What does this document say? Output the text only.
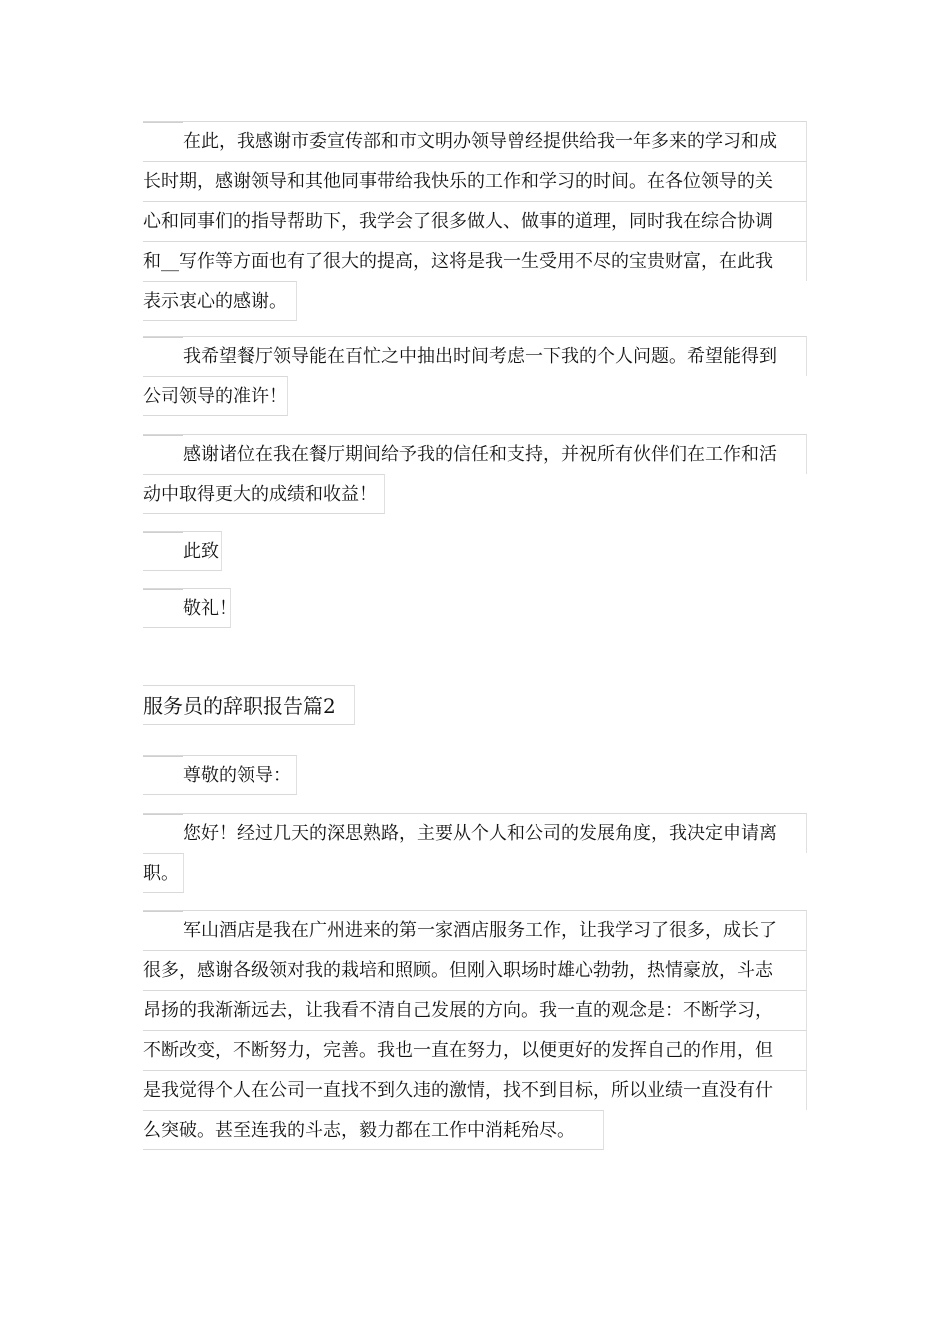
在此，我感谢市委宣传部和市文明办领导曾经提供给我一年多来的学习和成
长时期，感谢领导和其他同事带给我快乐的工作和学习的时间。在各位领导的关
心和同事们的指导帮助下，我学会了很多做人、做事的道理，同时我在综合协调
和__写作等方面也有了很大的提高，这将是我一生受用不尽的宝贵财富，在此我
表示衷心的感谢。
我希望餐厅领导能在百忙之中抽出时间考虑一下我的个人问题。希望能得到
公司领导的准许！
感谢诸位在我在餐厅期间给予我的信任和支持，并祝所有伙伴们在工作和活
动中取得更大的成绩和收益！
此致
敬礼！
服务员的辞职报告篇2
尊敬的领导：
您好！经过几天的深思熟路，主要从个人和公司的发展角度，我决定申请离
职。
军山酒店是我在广州进来的第一家酒店服务工作，让我学习了很多，成长了
很多，感谢各级领对我的栽培和照顾。但刚入职场时雄心勃勃，热情豪放，斗志
昂扬的我渐渐远去，让我看不清自己发展的方向。我一直的观念是：不断学习，
不断改变，不断努力，完善。我也一直在努力，以便更好的发挥自己的作用，但
是我觉得个人在公司一直找不到久违的激情，找不到目标，所以业绩一直没有什
么突破。甚至连我的斗志，毅力都在工作中消耗殆尽。
